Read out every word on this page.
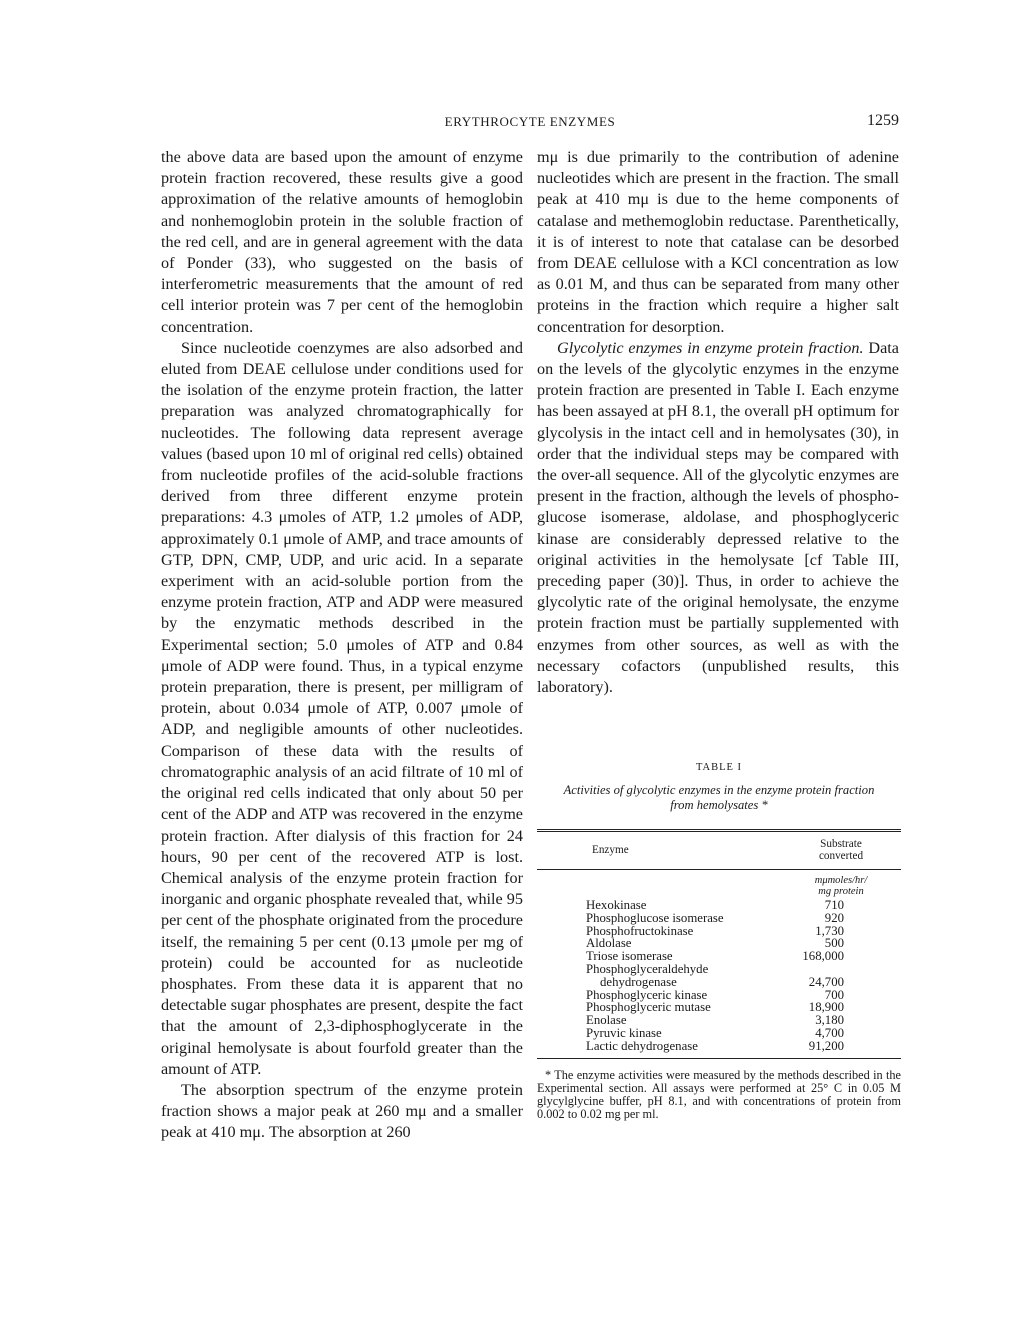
ERYTHROCYTE ENZYMES	1259

the above data are based upon the amount of enzyme protein fraction recovered, these results give a good approximation of the relative amounts of hemoglobin and nonhemoglobin protein in the soluble fraction of the red cell, and are in general agreement with the data of Ponder (33), who suggested on the basis of interferometric measurements that the amount of red cell interior protein was 7 per cent of the hemoglobin concentration.

Since nucleotide coenzymes are also adsorbed and eluted from DEAE cellulose under conditions used for the isolation of the enzyme protein fraction, the latter preparation was analyzed chromatographically for nucleotides. The following data represent average values (based upon 10 ml of original red cells) obtained from nucleotide profiles of the acid-soluble fractions derived from three different enzyme protein preparations: 4.3 μmoles of ATP, 1.2 μmoles of ADP, approximately 0.1 μmole of AMP, and trace amounts of GTP, DPN, CMP, UDP, and uric acid. In a separate experiment with an acid-soluble portion from the enzyme protein fraction, ATP and ADP were measured by the enzymatic methods described in the Experimental section; 5.0 μmoles of ATP and 0.84 μmole of ADP were found. Thus, in a typical enzyme protein preparation, there is present, per milligram of protein, about 0.034 μmole of ATP, 0.007 μmole of ADP, and negligible amounts of other nucleotides. Comparison of these data with the results of chromatographic analysis of an acid filtrate of 10 ml of the original red cells indicated that only about 50 per cent of the ADP and ATP was recovered in the enzyme protein fraction. After dialysis of this fraction for 24 hours, 90 per cent of the recovered ATP is lost. Chemical analysis of the enzyme protein fraction for inorganic and organic phosphate revealed that, while 95 per cent of the phosphate originated from the procedure itself, the remaining 5 per cent (0.13 μmole per mg of protein) could be accounted for as nucleotide phosphates. From these data it is apparent that no detectable sugar phosphates are present, despite the fact that the amount of 2,3-diphosphoglycerate in the original hemolysate is about fourfold greater than the amount of ATP.

The absorption spectrum of the enzyme protein fraction shows a major peak at 260 mμ and a smaller peak at 410 mμ. The absorption at 260

mμ is due primarily to the contribution of adenine nucleotides which are present in the fraction. The small peak at 410 mμ is due to the heme components of catalase and methemoglobin reductase. Parenthetically, it is of interest to note that catalase can be desorbed from DEAE cellulose with a KCl concentration as low as 0.01 M, and thus can be separated from many other proteins in the fraction which require a higher salt concentration for desorption.

Glycolytic enzymes in enzyme protein fraction. Data on the levels of the glycolytic enzymes in the enzyme protein fraction are presented in Table I. Each enzyme has been assayed at pH 8.1, the overall pH optimum for glycolysis in the intact cell and in hemolysates (30), in order that the individual steps may be compared with the over-all sequence. All of the glycolytic enzymes are present in the fraction, although the levels of phosphoglucose isomerase, aldolase, and phosphoglyceric kinase are considerably depressed relative to the original activities in the hemolysate [cf Table III, preceding paper (30)]. Thus, in order to achieve the glycolytic rate of the original hemolysate, the enzyme protein fraction must be partially supplemented with enzymes from other sources, as well as with the necessary cofactors (unpublished results, this laboratory).

TABLE I
Activities of glycolytic enzymes in the enzyme protein fraction
from hemolysates *
Enzyme	Substrate
converted

	mμmoles/hr/
mg protein

Hexokinase	710

Phosphoglucose isomerase	920

Phosphofructokinase	1,730

Aldolase	500

Triose isomerase	168,000

Phosphoglyceraldehyde
dehydrogenase	24,700

Phosphoglyceric kinase	700

Phosphoglyceric mutase	18,900

Enolase	3,180

Pyruvic kinase	4,700

Lactic dehydrogenase	91,200
* The enzyme activities were measured by the methods described in the Experimental section. All assays were performed at 25° C in 0.05 M glycylglycine buffer, pH 8.1, and with concentrations of protein from 0.002 to 0.02 mg per ml.
